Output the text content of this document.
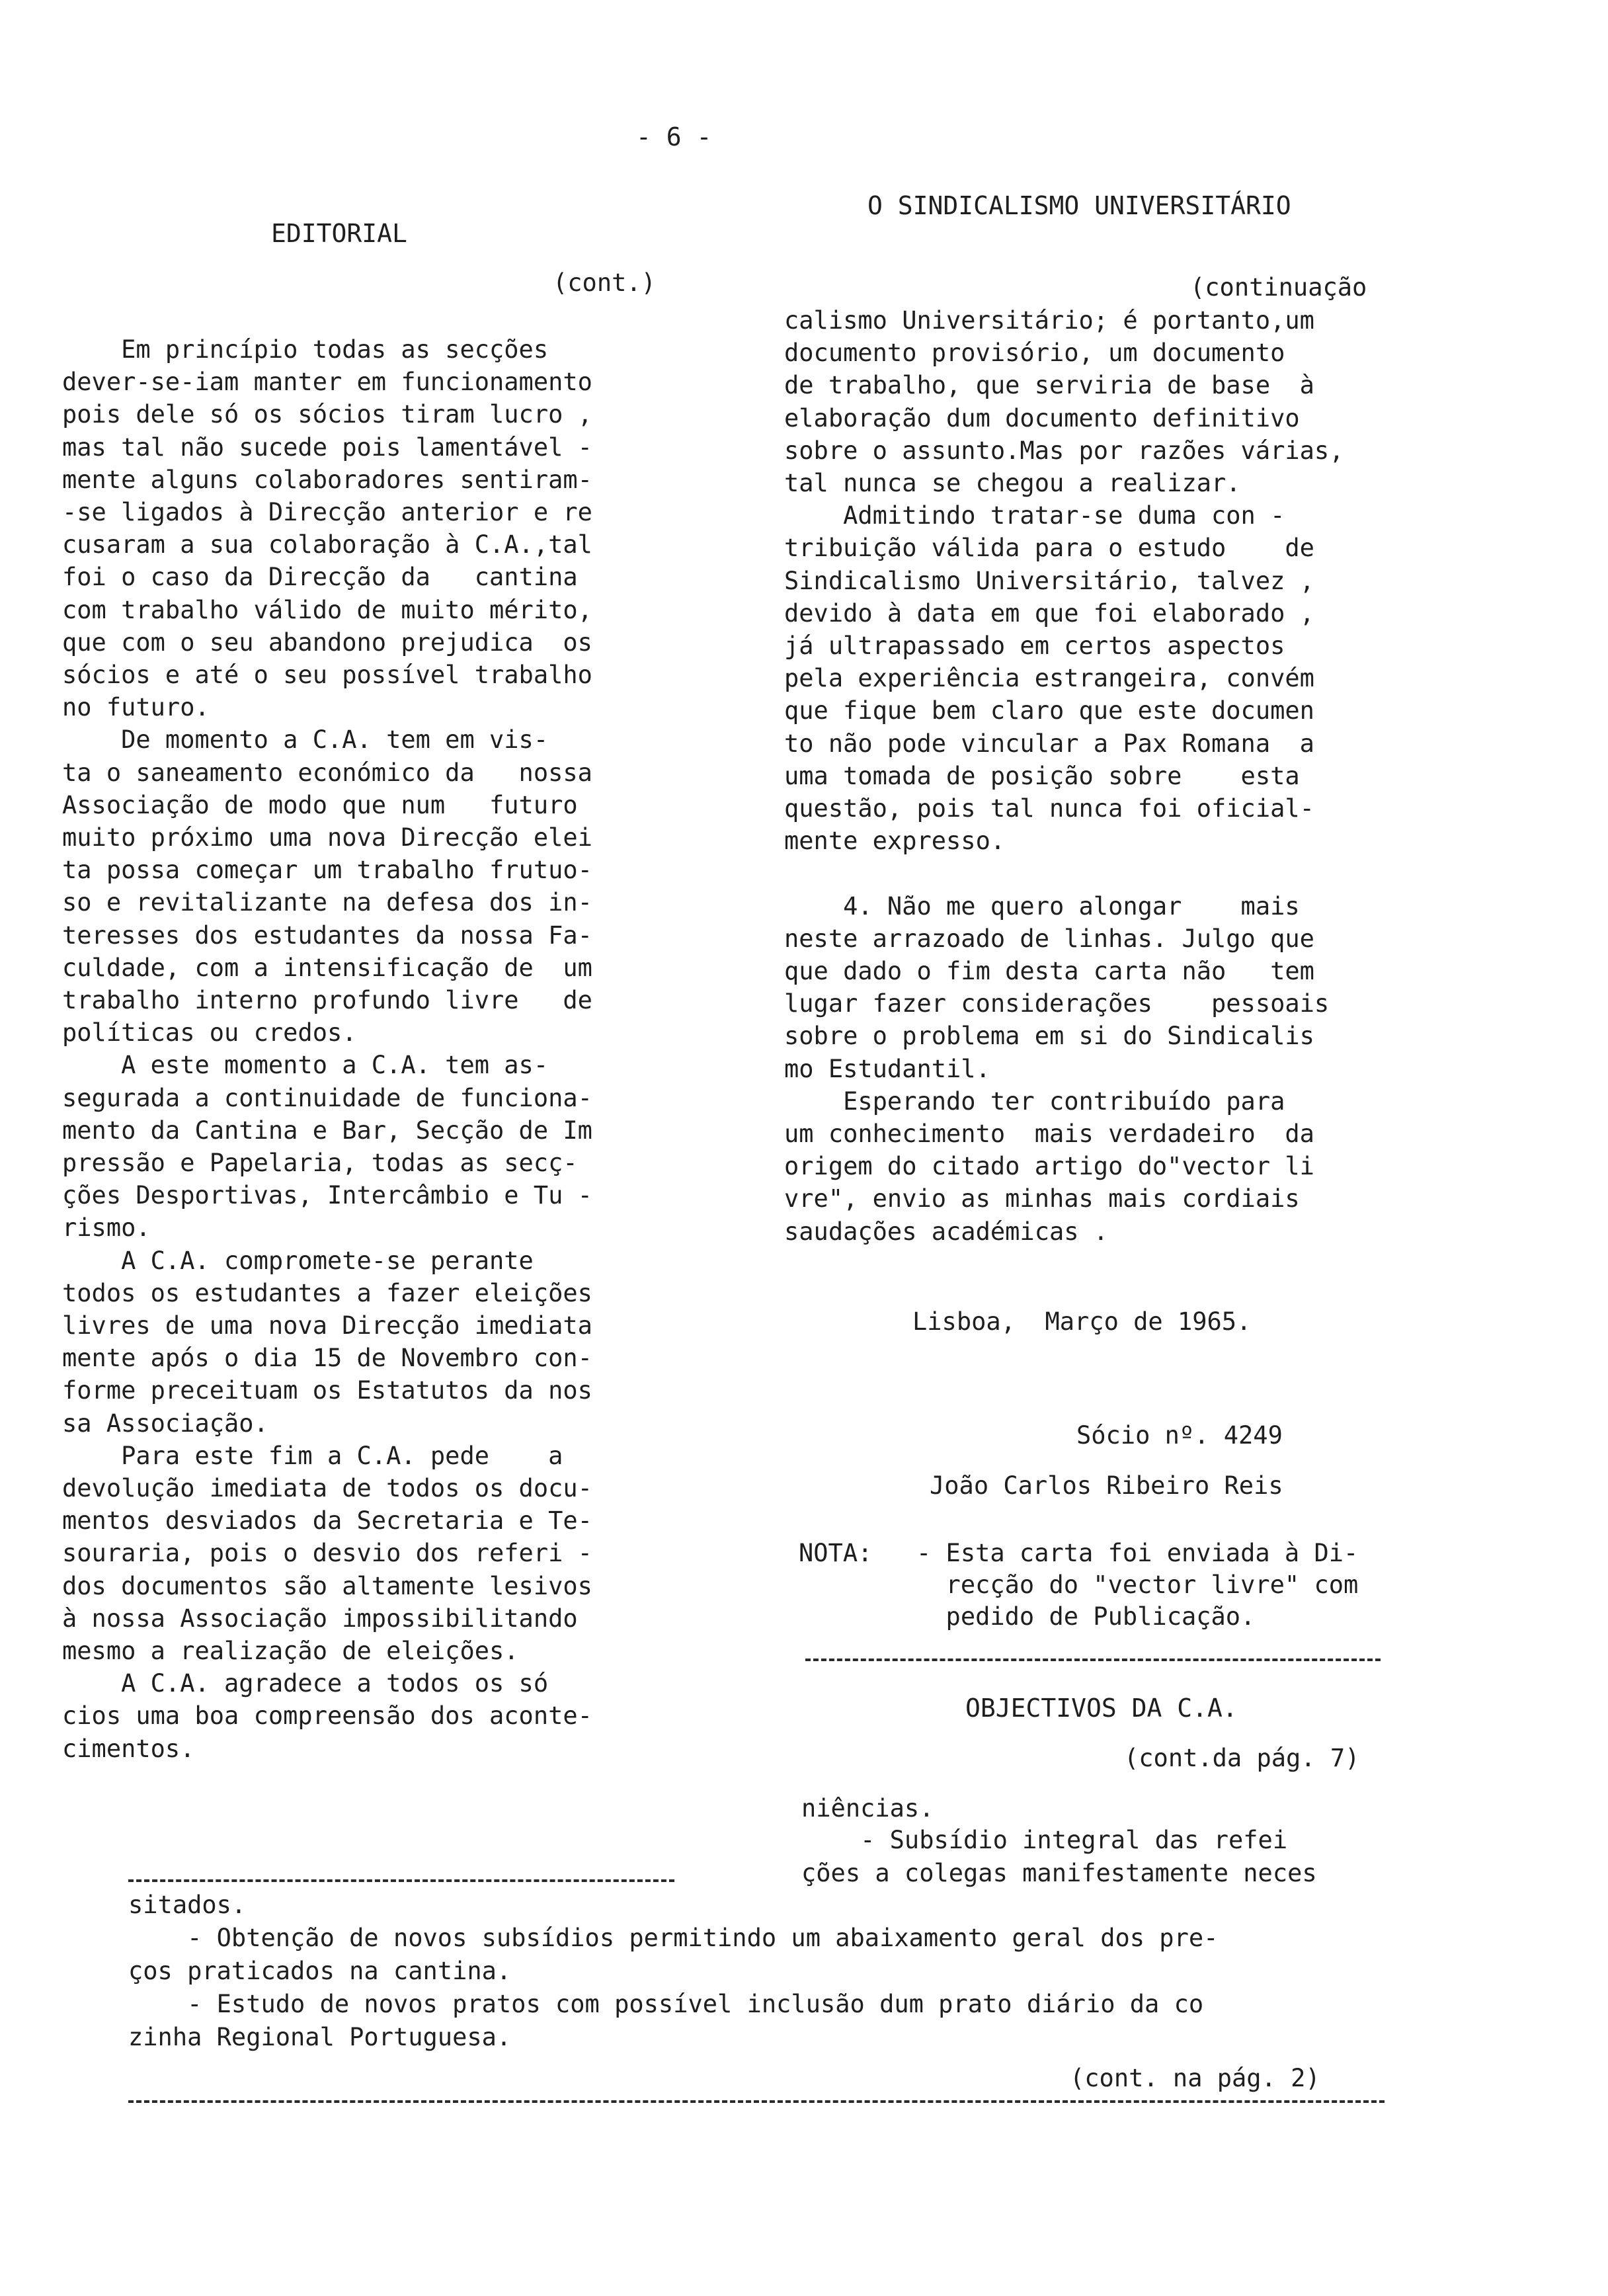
- 6 -
EDITORIAL
(cont.)
Em princípio todas as secções
dever-se-iam manter em funcionamento
pois dele só os sócios tiram lucro ,
mas tal não sucede pois lamentável -
mente alguns colaboradores sentiram-
-se ligados à Direcção anterior e re
cusaram a sua colaboração à C.A.,tal
foi o caso da Direcção da   cantina
com trabalho válido de muito mérito,
que com o seu abandono prejudica  os
sócios e até o seu possível trabalho
no futuro.
De momento a C.A. tem em vis-
ta o saneamento económico da   nossa
Associação de modo que num   futuro
muito próximo uma nova Direcção elei
ta possa começar um trabalho frutuo-
so e revitalizante na defesa dos in-
teresses dos estudantes da nossa Fa-
culdade, com a intensificação de  um
trabalho interno profundo livre   de
políticas ou credos.
A este momento a C.A. tem as-
segurada a continuidade de funciona-
mento da Cantina e Bar, Secção de Im
pressão e Papelaria, todas as secç-
ções Desportivas, Intercâmbio e Tu -
rismo.
A C.A. compromete-se perante
todos os estudantes a fazer eleições
livres de uma nova Direcção imediata
mente após o dia 15 de Novembro con-
forme preceituam os Estatutos da nos
sa Associação.
Para este fim a C.A. pede    a
devolução imediata de todos os docu-
mentos desviados da Secretaria e Te-
souraria, pois o desvio dos referi -
dos documentos são altamente lesivos
à nossa Associação impossibilitando
mesmo a realização de eleições.
A C.A. agradece a todos os só
cios uma boa compreensão dos aconte-
cimentos.
O SINDICALISMO UNIVERSITÁRIO
(continuação
calismo Universitário; é portanto,um
documento provisório, um documento
de trabalho, que serviria de base  à
elaboração dum documento definitivo
sobre o assunto.Mas por razões várias,
tal nunca se chegou a realizar.
Admitindo tratar-se duma con -
tribuição válida para o estudo    de
Sindicalismo Universitário, talvez ,
devido à data em que foi elaborado ,
já ultrapassado em certos aspectos
pela experiência estrangeira, convém
que fique bem claro que este documen
to não pode vincular a Pax Romana  a
uma tomada de posição sobre    esta
questão, pois tal nunca foi oficial-
mente expresso.
4. Não me quero alongar    mais
neste arrazoado de linhas. Julgo que
que dado o fim desta carta não   tem
lugar fazer considerações    pessoais
sobre o problema em si do Sindicalis
mo Estudantil.
Esperando ter contribuído para
um conhecimento  mais verdadeiro  da
origem do citado artigo do"vector li
vre", envio as minhas mais cordiais
saudações académicas .
Lisboa,  Março de 1965.
Sócio nº. 4249
João Carlos Ribeiro Reis
NOTA: - Esta carta foi enviada à Di-
recção do "vector livre" com
pedido de Publicação.
OBJECTIVOS DA C.A.
(cont.da pág. 7)
niências.
- Subsídio integral das refei
ções a colegas manifestamente neces
sitados.
- Obtenção de novos subsídios permitindo um abaixamento geral dos pre-
ços praticados na cantina.
- Estudo de novos pratos com possível inclusão dum prato diário da co
zinha Regional Portuguesa.
(cont. na pág. 2)
